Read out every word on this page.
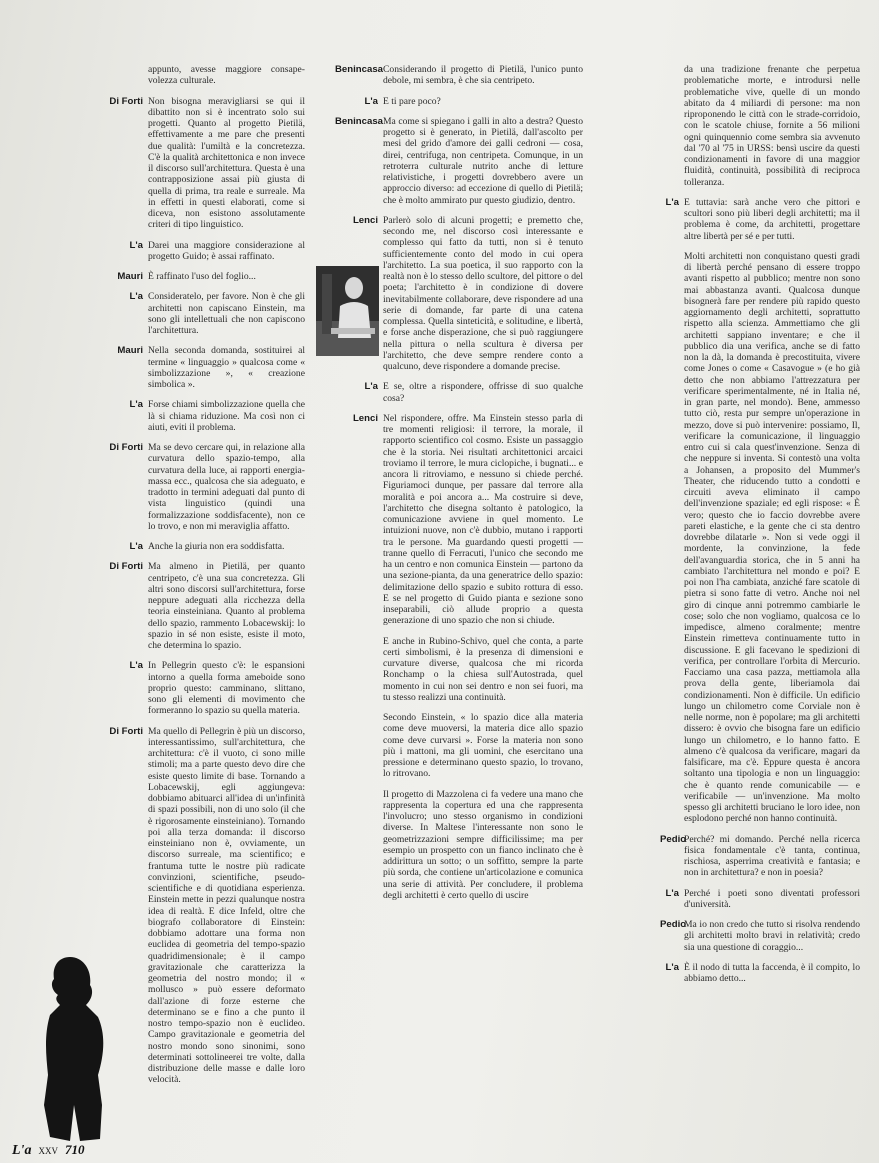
appunto, avesse maggiore consape-volezza culturale.
Di Forti Non bisogna meravigliarsi se qui il dibattito non si è incentrato solo sui progetti. Quanto al progetto Pietilä, effettivamente a me pare che presenti due qualità: l'umiltà e la concretezza. C'è la qualità architettonica e non invece il discorso sull'architettura. Questa è una contrapposizione assai più giusta di quella di prima, tra reale e surreale. Ma in effetti in questi elaborati, come si diceva, non esistono assolutamente criteri di tipo linguistico.
L'a Darei una maggiore considerazione al progetto Guido; è assai raffinato.
Mauri È raffinato l'uso del foglio...
L'a Consideratelo, per favore. Non è che gli architetti non capiscano Einstein, ma sono gli intellettuali che non capiscono l'architettura.
Mauri Nella seconda domanda, sostituirei al termine « linguaggio » qualcosa come « simbolizzazione », « creazione simbolica ».
L'a Forse chiami simbolizzazione quella che là si chiama riduzione. Ma così non ci aiuti, eviti il problema.
Di Forti Ma se devo cercare qui, in relazione alla curvatura dello spazio-tempo, alla curvatura della luce, ai rapporti energia-massa ecc., qualcosa che sia adeguato, e tradotto in termini adeguati dal punto di vista linguistico (quindi una formalizzazione soddisfacente), non ce lo trovo, e non mi meraviglia affatto.
L'a Anche la giuria non era soddisfatta.
Di Forti Ma almeno in Pietilä, per quanto centripeto, c'è una sua concretezza. Gli altri sono discorsi sull'architettura, forse neppure adeguati alla ricchezza della teoria einsteiniana. Quanto al problema dello spazio, rammento Lobacewskij: lo spazio in sé non esiste, esiste il moto, che determina lo spazio.
L'a In Pellegrin questo c'è: le espansioni intorno a quella forma ameboide sono proprio questo: camminano, slittano, sono gli elementi di movimento che formeranno lo spazio su quella materia.
Di Forti Ma quello di Pellegrin è più un discorso, interessantissimo, sull'architettura, che architettura: c'è il vuoto, ci sono mille stimoli; ma a parte questo devo dire che esiste questo limite di base. Tornando a Lobacewskij, egli aggiungeva: dobbiamo abituarci all'idea di un'infinità di spazi possibili, non di uno solo (il che è rigorosamente einsteiniano). Tornando poi alla terza domanda: il discorso einsteiniano non è, ovviamente, un discorso surreale, ma scientifico; e frantuma tutte le nostre più radicate convinzioni, scientifiche, pseudo-scientifiche e di quotidiana esperienza. Einstein mette in pezzi qualunque nostra idea di realtà. E dice Infeld, oltre che biografo collaboratore di Einstein: dobbiamo adottare una forma non euclidea di geometria del tempo-spazio quadridimensionale; è il campo gravitazionale che caratterizza la geometria del nostro mondo; il « mollusco » può essere deformato dall'azione di forze esterne che determinano se e fino a che punto il nostro tempo-spazio non è euclideo. Campo gravitazionale e geometria del nostro mondo sono sinonimi, sono determinati sottolineerei tre volte, dalla distribuzione delle masse e dalle loro velocità.
Benincasa Considerando il progetto di Pietilä, l'unico punto debole, mi sembra, è che sia centripeto.
L'a E ti pare poco?
Benincasa Ma come si spiegano i galli in alto a destra? Questo progetto si è generato, in Pietilä, dall'ascolto per mesi del grido d'amore dei galli cedroni — cosa, direi, centrifuga, non centripeta. Comunque, in un retroterra culturale nutrito anche di letture relativistiche, i progetti dovrebbero avere un approccio diverso: ad eccezione di quello di Pietilä; che è molto ammirato pur questo giudizio, dentro.
Lenci Parlerò solo di alcuni progetti; e premetto che, secondo me, nel discorso così interessante e complesso qui fatto da tutti, non si è tenuto sufficientemente conto del modo in cui opera l'architetto. La sua poetica, il suo rapporto con la realtà non è lo stesso dello scultore, del pittore o del poeta; l'architetto è in condizione di dovere inevitabilmente collaborare, deve rispondere ad una serie di domande, far parte di una catena complessa. Quella sinteticità, e solitudine, e libertà, e forse anche disperazione, che si può raggiungere nella pittura o nella scultura è diversa per l'architetto, che deve sempre rendere conto a qualcuno, deve rispondere a domande precise.
L'a E se, oltre a rispondere, offrisse di suo qualche cosa?
Lenci Nel rispondere, offre. Ma Einstein stesso parla di tre momenti religiosi: il terrore, la morale, il rapporto scientifico col cosmo. Esiste un passaggio che è la storia. Nei risultati architettonici arcaici troviamo il terrore, le mura ciclopiche, i bugnati... e ancora li ritroviamo, e nessuno si chiede perché. Figuriamoci dunque, per passare dal terrore alla moralità e poi ancora a... Ma costruire si deve, l'architetto che disegna soltanto è patologico, la comunicazione avviene in quel momento. Le intuizioni nuove, non c'è dubbio, mutano i rapporti tra le persone. Ma guardando questi progetti — tranne quello di Ferracuti, l'unico che secondo me ha un centro e non comunica Einstein — partono da una sezione-pianta, da una generatrice dello spazio: delimitazione dello spazio e subito rottura di esso. E se nel progetto di Guido pianta e sezione sono inseparabili, ciò allude proprio a questa generazione di uno spazio che non si chiude.
E anche in Rubino-Schivo, quel che conta, a parte certi simbolismi, è la presenza di dimensioni e curvature diverse, qualcosa che mi ricorda Ronchamp o la chiesa sull'Autostrada, quel momento in cui non sei dentro e non sei fuori, ma tu stesso realizzi una continuità.
Secondo Einstein, « lo spazio dice alla materia come deve muoversi, la materia dice allo spazio come deve curvarsi ». Forse la materia non sono più i mattoni, ma gli uomini, che esercitano una pressione e determinano questo spazio, lo trovano, lo ritrovano.
Il progetto di Mazzolena ci fa vedere una mano che rappresenta la copertura ed una che rappresenta l'involucro; uno stesso organismo in condizioni diverse. In Maltese l'interessante non sono le geometrizzazioni sempre difficilissime; ma per esempio un prospetto con un fianco inclinato che è addirittura un sotto; o un soffitto, sempre la parte più sorda, che contiene un'articolazione e comunica una serie di attività. Per concludere, il problema degli architetti è certo quello di uscire
da una tradizione frenante che perpetua problematiche morte, e introdursi nelle problematiche vive, quelle di un mondo abitato da 4 miliardi di persone: ma non riproponendo le città con le strade-corridoio, con le scatole chiuse, fornite a 56 milioni ogni quinquennio come sembra sia avvenuto dal '70 al '75 in URSS: bensì uscire da questi condizionamenti in favore di una maggior fluidità, continuità, possibilità di reciproca tolleranza.
L'a E tuttavia: sarà anche vero che pittori e scultori sono più liberi degli architetti; ma il problema è come, da architetti, progettare altre libertà per sé e per tutti.
Molti architetti non conquistano questi gradi di libertà perché pensano di essere troppo avanti rispetto al pubblico; mentre non sono mai abbastanza avanti. Qualcosa dunque bisognerà fare per rendere più rapido questo aggiornamento degli architetti, soprattutto rispetto alla scienza. Ammettiamo che gli architetti sappiano inventare; e che il pubblico dia una verifica, anche se di fatto non la dà, la domanda è precostituita, vivere come Jones o come « Casavogue » (e ho già detto che non abbiamo l'attrezzatura per verificare sperimentalmente, né in Italia né, in gran parte, nel mondo). Bene, ammesso tutto ciò, resta pur sempre un'operazione in mezzo, dove si può intervenire: possiamo, Il, verificare la comunicazione, il linguaggio entro cui si cala quest'invenzione. Senza di che neppure si inventa. Si contestò una volta a Johansen, a proposito del Mummer's Theater, che riducendo tutto a condotti e circuiti aveva eliminato il campo dell'invenzione spaziale; ed egli rispose: « È vero; questo che io faccio dovrebbe avere pareti elastiche, e la gente che ci sta dentro dovrebbe dilatarle ». Non si vede oggi il mordente, la convinzione, la fede dell'avanguardia storica, che in 5 anni ha cambiato l'architettura nel mondo e poi? E poi non l'ha cambiata, anziché fare scatole di pietra si sono fatte di vetro. Anche noi nel giro di cinque anni potremmo cambiarle le cose; solo che non vogliamo, qualcosa ce lo impedisce, almeno coralmente; mentre Einstein rimetteva continuamente tutto in discussione. E gli facevano le spedizioni di verifica, per controllare l'orbita di Mercurio. Facciamo una casa pazza, mettiamola alla prova della gente, liberiamola dai condizionamenti. Non è difficile. Un edificio lungo un chilometro come Corviale non è nelle norme, non è popolare; ma gli architetti dissero: è ovvio che bisogna fare un edificio lungo un chilometro, e lo hanno fatto. E almeno c'è qualcosa da verificare, magari da falsificare, ma c'è. Eppure questa è ancora soltanto una tipologia e non un linguaggio: che è quanto rende comunicabile — e verificabile — un'invenzione. Ma molto spesso gli architetti bruciano le loro idee, non esplodono perché non hanno continuità.
Pedio
Perché? mi domando. Perché nella ricerca fisica fondamentale c'è tanta, continua, rischiosa, asperrima creatività e fantasia; e non in architettura? e non in poesia?
L'a Perché i poeti sono diventati professori d'università.
Pedio
Ma io non credo che tutto si risolva rendendo gli architetti molto bravi in relatività; credo sia una questione di coraggio...
L'a È il nodo di tutta la faccenda, è il compito, lo abbiamo detto...
L'a XXV 710
